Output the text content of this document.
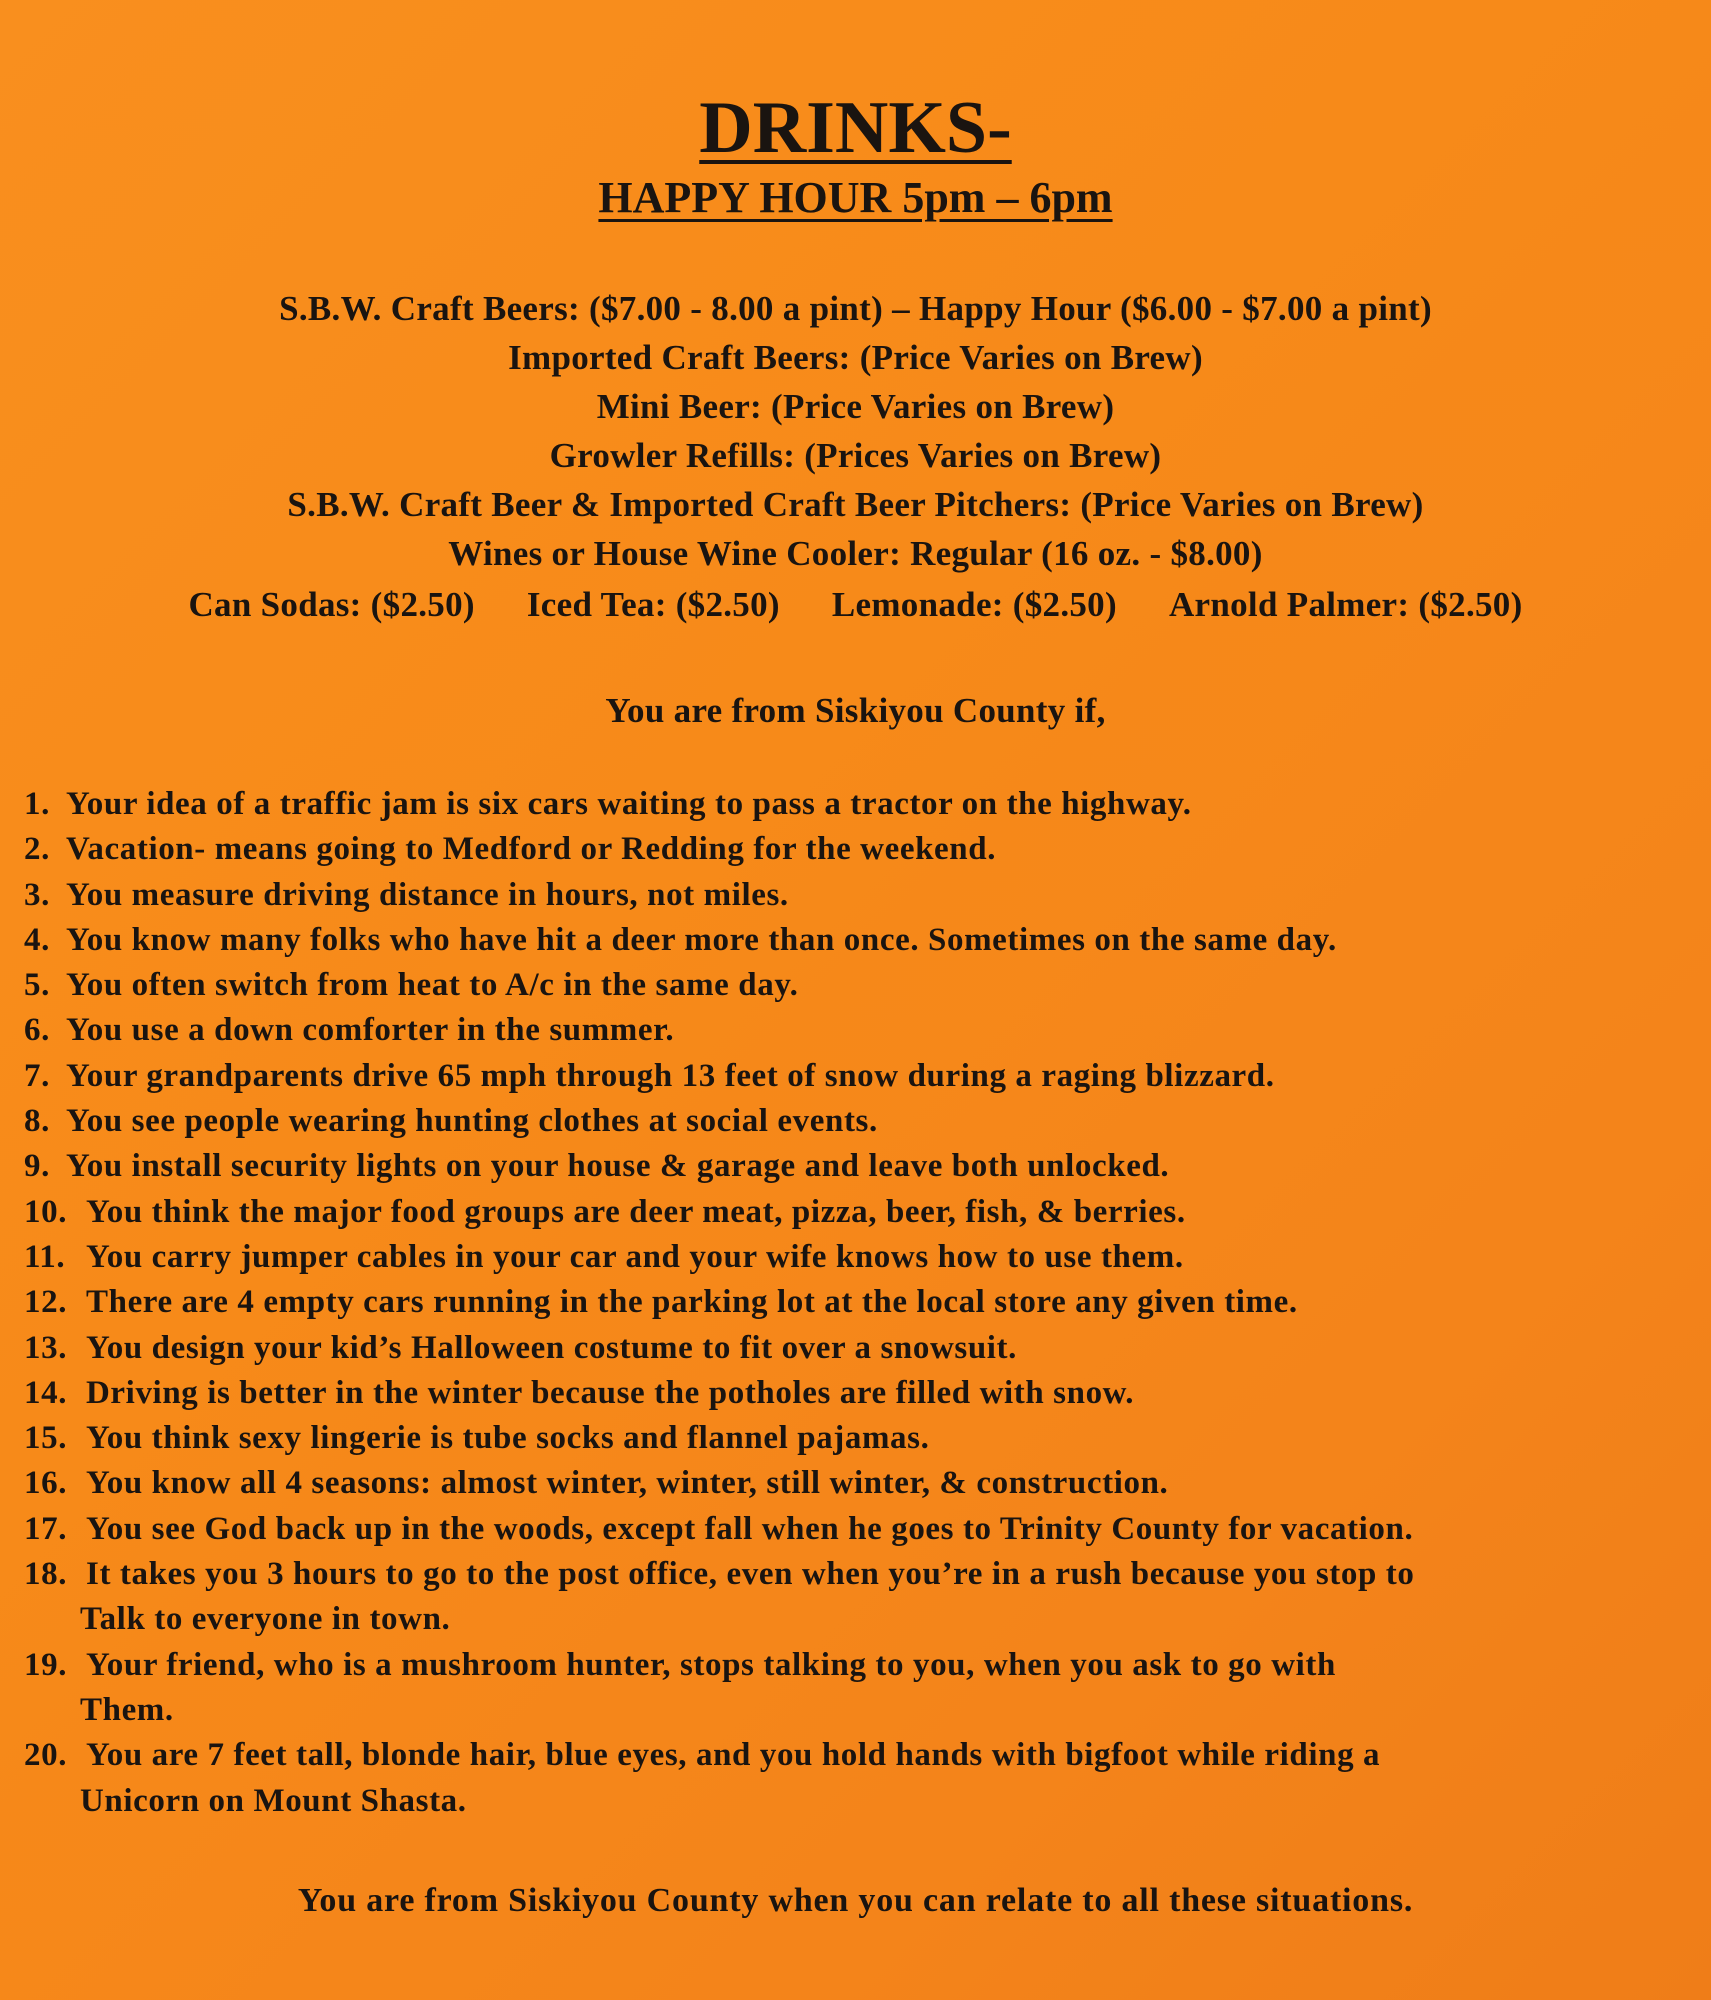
DRINKS-
HAPPY HOUR 5pm – 6pm
S.B.W. Craft Beers: ($7.00 - 8.00 a pint) – Happy Hour ($6.00 - $7.00 a pint)
Imported Craft Beers: (Price Varies on Brew)
Mini Beer: (Price Varies on Brew)
Growler Refills: (Prices Varies on Brew)
S.B.W. Craft Beer & Imported Craft Beer Pitchers: (Price Varies on Brew)
Wines or House Wine Cooler: Regular (16 oz. - $8.00)
Can Sodas: ($2.50) Iced Tea: ($2.50) Lemonade: ($2.50) Arnold Palmer: ($2.50)
You are from Siskiyou County if,
1. Your idea of a traffic jam is six cars waiting to pass a tractor on the highway.
2. Vacation- means going to Medford or Redding for the weekend.
3. You measure driving distance in hours, not miles.
4. You know many folks who have hit a deer more than once. Sometimes on the same day.
5. You often switch from heat to A/c in the same day.
6. You use a down comforter in the summer.
7. Your grandparents drive 65 mph through 13 feet of snow during a raging blizzard.
8. You see people wearing hunting clothes at social events.
9. You install security lights on your house & garage and leave both unlocked.
10. You think the major food groups are deer meat, pizza, beer, fish, & berries.
11. You carry jumper cables in your car and your wife knows how to use them.
12. There are 4 empty cars running in the parking lot at the local store any given time.
13. You design your kid’s Halloween costume to fit over a snowsuit.
14. Driving is better in the winter because the potholes are filled with snow.
15. You think sexy lingerie is tube socks and flannel pajamas.
16. You know all 4 seasons: almost winter, winter, still winter, & construction.
17. You see God back up in the woods, except fall when he goes to Trinity County for vacation.
18. It takes you 3 hours to go to the post office, even when you’re in a rush because you stop to
Talk to everyone in town.
19. Your friend, who is a mushroom hunter, stops talking to you, when you ask to go with
Them.
20. You are 7 feet tall, blonde hair, blue eyes, and you hold hands with bigfoot while riding a
Unicorn on Mount Shasta.
You are from Siskiyou County when you can relate to all these situations.
